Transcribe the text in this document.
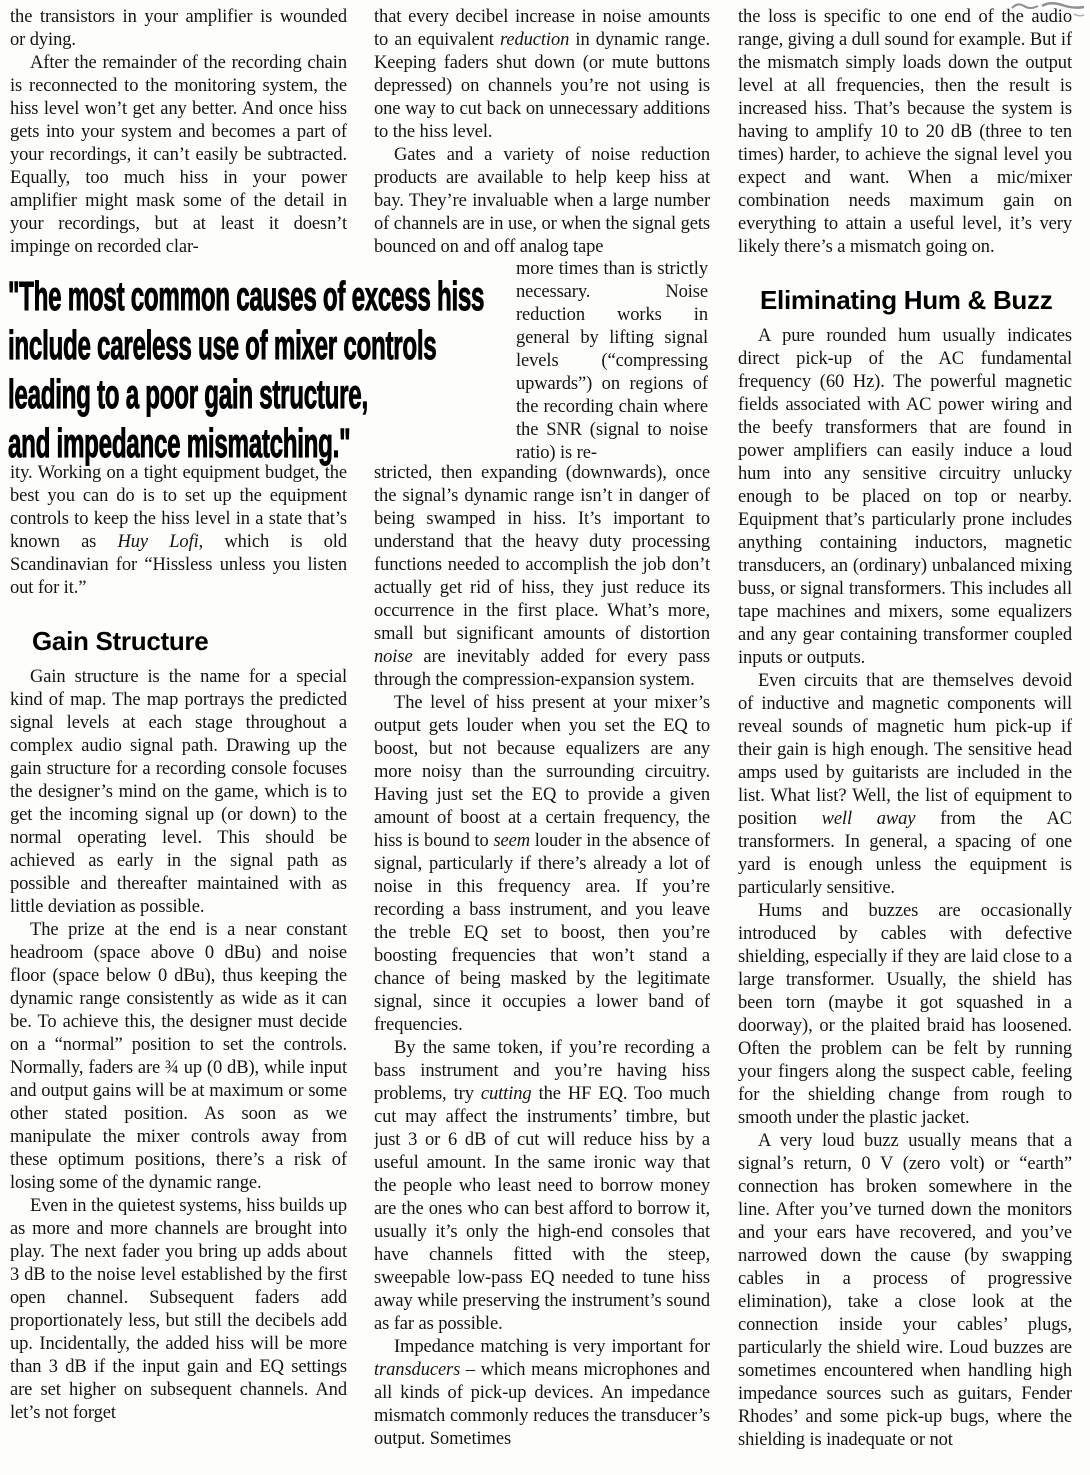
the transistors in your amplifier is wounded or dying.

After the remainder of the recording chain is reconnected to the monitoring system, the hiss level won’t get any better. And once hiss gets into your system and becomes a part of your recordings, it can’t easily be subtracted. Equally, too much hiss in your power amplifier might mask some of the detail in your recordings, but at least it doesn’t impinge on recorded clar-

"The most common causes of excess hiss
include careless use of mixer controls
leading to a poor gain structure,
and impedance mismatching."

ity. Working on a tight equipment budget, the best you can do is to set up the equipment controls to keep the hiss level in a state that’s known as Huy Lofi, which is old Scandinavian for “Hissless unless you listen out for it.”

Gain Structure

Gain structure is the name for a special kind of map. The map portrays the predicted signal levels at each stage throughout a complex audio signal path. Drawing up the gain structure for a recording console focuses the designer’s mind on the game, which is to get the incoming signal up (or down) to the normal operating level. This should be achieved as early in the signal path as possible and thereafter maintained with as little deviation as possible.

The prize at the end is a near constant headroom (space above 0 dBu) and noise floor (space below 0 dBu), thus keeping the dynamic range consistently as wide as it can be. To achieve this, the designer must decide on a “normal” position to set the controls. Normally, faders are ¾ up (0 dB), while input and output gains will be at maximum or some other stated position. As soon as we manipulate the mixer controls away from these optimum positions, there’s a risk of losing some of the dynamic range.

Even in the quietest systems, hiss builds up as more and more channels are brought into play. The next fader you bring up adds about 3 dB to the noise level established by the first open channel. Subsequent faders add proportionately less, but still the decibels add up. Incidentally, the added hiss will be more than 3 dB if the input gain and EQ settings are set higher on subsequent channels. And let’s not forget

that every decibel increase in noise amounts to an equivalent reduction in dynamic range. Keeping faders shut down (or mute buttons depressed) on channels you’re not using is one way to cut back on unnecessary additions to the hiss level.

Gates and a variety of noise reduction products are available to help keep hiss at bay. They’re invaluable when a large number of channels are in use, or when the signal gets bounced on and off analog tape

more times than is strictly necessary. Noise reduction works in general by lifting signal levels (“compressing upwards”) on regions of the recording chain where the SNR (signal to noise ratio) is re-

stricted, then expanding (downwards), once the signal’s dynamic range isn’t in danger of being swamped in hiss. It’s important to understand that the heavy duty processing functions needed to accomplish the job don’t actually get rid of hiss, they just reduce its occurrence in the first place. What’s more, small but significant amounts of distortion noise are inevitably added for every pass through the compression-expansion system.

The level of hiss present at your mixer’s output gets louder when you set the EQ to boost, but not because equalizers are any more noisy than the surrounding circuitry. Having just set the EQ to provide a given amount of boost at a certain frequency, the hiss is bound to seem louder in the absence of signal, particularly if there’s already a lot of noise in this frequency area. If you’re recording a bass instrument, and you leave the treble EQ set to boost, then you’re boosting frequencies that won’t stand a chance of being masked by the legitimate signal, since it occupies a lower band of frequencies.

By the same token, if you’re recording a bass instrument and you’re having hiss problems, try cutting the HF EQ. Too much cut may affect the instruments’ timbre, but just 3 or 6 dB of cut will reduce hiss by a useful amount. In the same ironic way that the people who least need to borrow money are the ones who can best afford to borrow it, usually it’s only the high-end consoles that have channels fitted with the steep, sweepable low-pass EQ needed to tune hiss away while preserving the instrument’s sound as far as possible.

Impedance matching is very important for transducers – which means microphones and all kinds of pick-up devices. An impedance mismatch commonly reduces the transducer’s output. Sometimes

the loss is specific to one end of the audio range, giving a dull sound for example. But if the mismatch simply loads down the output level at all frequencies, then the result is increased hiss. That’s because the system is having to amplify 10 to 20 dB (three to ten times) harder, to achieve the signal level you expect and want. When a mic/mixer combination needs maximum gain on everything to attain a useful level, it’s very likely there’s a mismatch going on.

Eliminating Hum & Buzz

A pure rounded hum usually indicates direct pick-up of the AC fundamental frequency (60 Hz). The powerful magnetic fields associated with AC power wiring and the beefy transformers that are found in power amplifiers can easily induce a loud hum into any sensitive circuitry unlucky enough to be placed on top or nearby. Equipment that’s particularly prone includes anything containing inductors, magnetic transducers, an (ordinary) unbalanced mixing buss, or signal transformers. This includes all tape machines and mixers, some equalizers and any gear containing transformer coupled inputs or outputs.

Even circuits that are themselves devoid of inductive and magnetic components will reveal sounds of magnetic hum pick-up if their gain is high enough. The sensitive head amps used by guitarists are included in the list. What list? Well, the list of equipment to position well away from the AC transformers. In general, a spacing of one yard is enough unless the equipment is particularly sensitive.

Hums and buzzes are occasionally introduced by cables with defective shielding, especially if they are laid close to a large transformer. Usually, the shield has been torn (maybe it got squashed in a doorway), or the plaited braid has loosened. Often the problem can be felt by running your fingers along the suspect cable, feeling for the shielding change from rough to smooth under the plastic jacket.

A very loud buzz usually means that a signal’s return, 0 V (zero volt) or “earth” connection has broken somewhere in the line. After you’ve turned down the monitors and your ears have recovered, and you’ve narrowed down the cause (by swapping cables in a process of progressive elimination), take a close look at the connection inside your cables’ plugs, particularly the shield wire. Loud buzzes are sometimes encountered when handling high impedance sources such as guitars, Fender Rhodes’ and some pick-up bugs, where the shielding is inadequate or not
